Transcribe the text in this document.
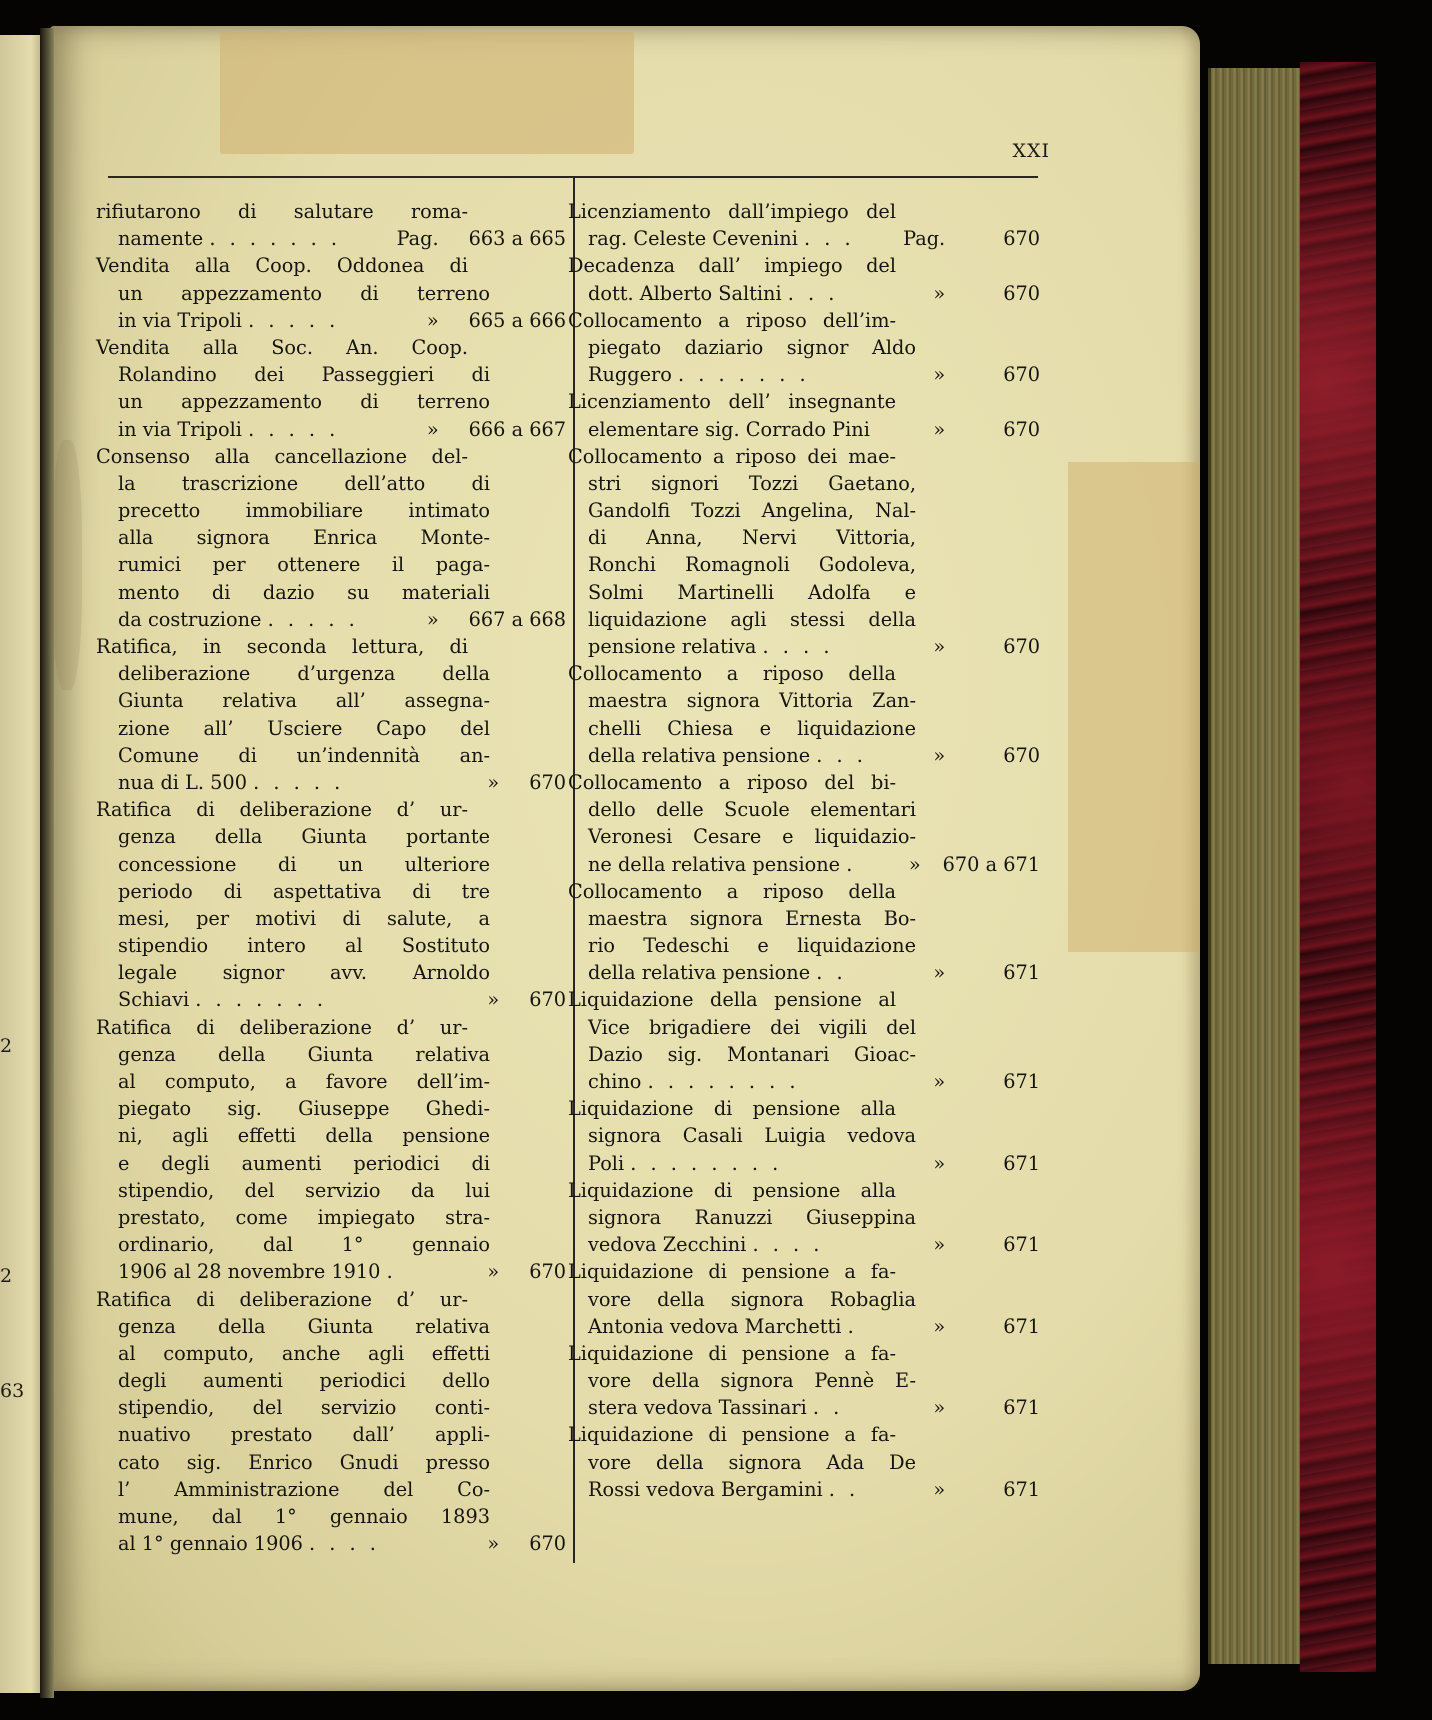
2
2
63
XXI
rifiutarono di salutare roma-
namente . . . . . . .	Pag. 663 a 665
Vendita alla Coop. Oddonea di
un appezzamento di terreno
in via Tripoli . . . . .	» 665 a 666
Vendita alla Soc. An. Coop.
Rolandino dei Passeggieri di
un appezzamento di terreno
in via Tripoli . . . . .	» 666 a 667
Consenso alla cancellazione del-
la trascrizione dell’atto di
precetto immobiliare intimato
alla signora Enrica Monte-
rumici per ottenere il paga-
mento di dazio su materiali
da costruzione . . . . .	» 667 a 668
Ratifica, in seconda lettura, di
deliberazione d’urgenza della
Giunta relativa all’ assegna-
zione all’ Usciere Capo del
Comune di un’indennità an-
nua di L. 500 . . . . .	» 670
Ratifica di deliberazione d’ ur-
genza della Giunta portante
concessione di un ulteriore
periodo di aspettativa di tre
mesi, per motivi di salute, a
stipendio intero al Sostituto
legale signor avv. Arnoldo
Schiavi . . . . . . .	» 670
Ratifica di deliberazione d’ ur-
genza della Giunta relativa
al computo, a favore dell’im-
piegato sig. Giuseppe Ghedi-
ni, agli effetti della pensione
e degli aumenti periodici di
stipendio, del servizio da lui
prestato, come impiegato stra-
ordinario, dal 1° gennaio
1906 al 28 novembre 1910 .	» 670
Ratifica di deliberazione d’ ur-
genza della Giunta relativa
al computo, anche agli effetti
degli aumenti periodici dello
stipendio, del servizio conti-
nuativo prestato dall’ appli-
cato sig. Enrico Gnudi presso
l’ Amministrazione del Co-
mune, dal 1° gennaio 1893
al 1° gennaio 1906 . . . .	» 670
Licenziamento dall’impiego del
rag. Celeste Cevenini . . .	Pag.	670
Decadenza dall’ impiego del
dott. Alberto Saltini . . .	»	670
Collocamento a riposo dell’im-
piegato daziario signor Aldo
Ruggero . . . . . . .	»	670
Licenziamento dell’ insegnante
elementare sig. Corrado Pini	»	670
Collocamento a riposo dei mae-
stri signori Tozzi Gaetano,
Gandolfi Tozzi Angelina, Nal-
di Anna, Nervi Vittoria,
Ronchi Romagnoli Godoleva,
Solmi Martinelli Adolfa e
liquidazione agli stessi della
pensione relativa . . . .	»	670
Collocamento a riposo della
maestra signora Vittoria Zan-
chelli Chiesa e liquidazione
della relativa pensione . . .	»	670
Collocamento a riposo del bi-
dello delle Scuole elementari
Veronesi Cesare e liquidazio-
ne della relativa pensione .	» 670 a 671
Collocamento a riposo della
maestra signora Ernesta Bo-
rio Tedeschi e liquidazione
della relativa pensione . .	»	671
Liquidazione della pensione al
Vice brigadiere dei vigili del
Dazio sig. Montanari Gioac-
chino . . . . . . . .	»	671
Liquidazione di pensione alla
signora Casali Luigia vedova
Poli . . . . . . . .	»	671
Liquidazione di pensione alla
signora Ranuzzi Giuseppina
vedova Zecchini . . . .	»	671
Liquidazione di pensione a fa-
vore della signora Robaglia
Antonia vedova Marchetti .	»	671
Liquidazione di pensione a fa-
vore della signora Pennè E-
stera vedova Tassinari . .	»	671
Liquidazione di pensione a fa-
vore della signora Ada De
Rossi vedova Bergamini . .	»	671
